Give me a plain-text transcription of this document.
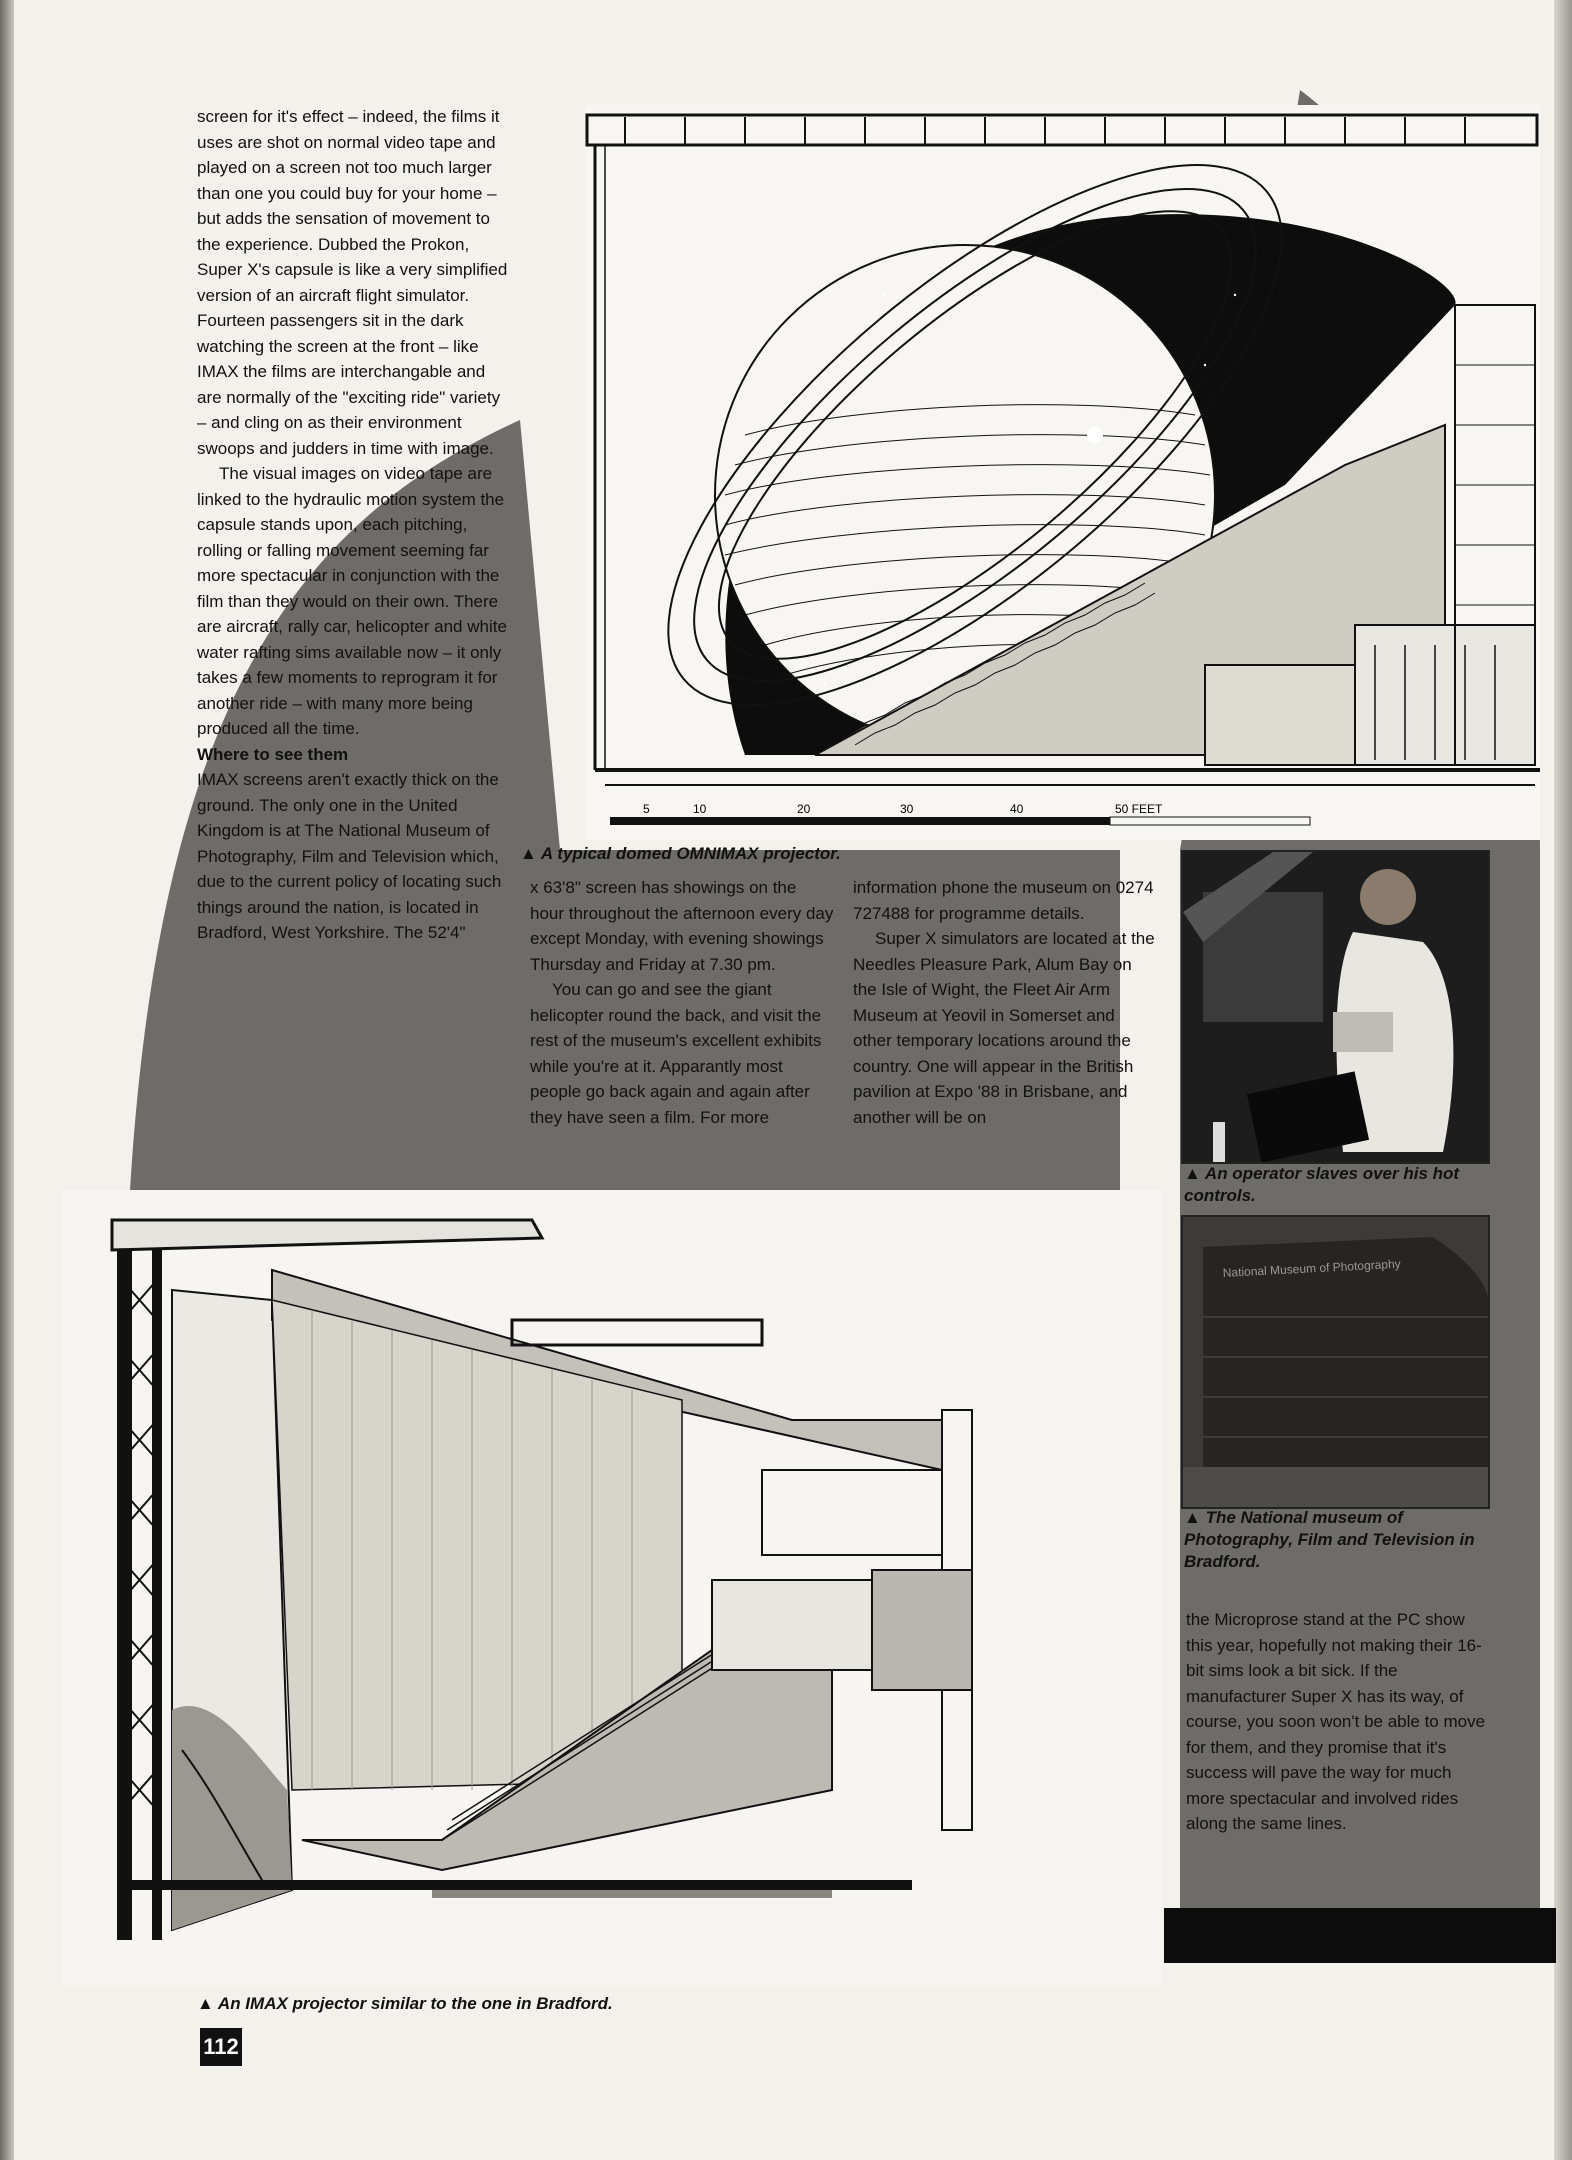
5	10	20	30	40	50 FEET

screen for it's effect – indeed, the films it uses are shot on normal video tape and played on a screen not too much larger than one you could buy for your home – but adds the sensation of movement to the experience. Dubbed the Prokon, Super X's capsule is like a very simplified version of an aircraft flight simulator. Fourteen passengers sit in the dark watching the screen at the front – like IMAX the films are interchangable and are normally of the "exciting ride" variety – and cling on as their environment swoops and judders in time with image.

The visual images on video tape are linked to the hydraulic motion system the capsule stands upon, each pitching, rolling or falling movement seeming far more spectacular in conjunction with the film than they would on their own. There are aircraft, rally car, helicopter and white water rafting sims available now – it only takes a few moments to reprogram it for another ride – with many more being produced all the time.

Where to see them

IMAX screens aren't exactly thick on the ground. The only one in the United Kingdom is at The National Museum of Photography, Film and Television which, due to the current policy of locating such things around the nation, is located in Bradford, West Yorkshire. The 52'4"

▲ A typical domed OMNIMAX projector.

x 63'8" screen has showings on the hour throughout the afternoon every day except Monday, with evening showings Thursday and Friday at 7.30 pm.

You can go and see the giant helicopter round the back, and visit the rest of the museum's excellent exhibits while you're at it. Apparantly most people go back again and again after they have seen a film. For more

information phone the museum on 0274 727488 for programme details.

Super X simulators are located at the Needles Pleasure Park, Alum Bay on the Isle of Wight, the Fleet Air Arm Museum at Yeovil in Somerset and other temporary locations around the country. One will appear in the British pavilion at Expo '88 in Brisbane, and another will be on

▲ An operator slaves over his hot controls.
National Museum of Photography
▲ The National museum of Photography, Film and Television in Bradford.

the Microprose stand at the PC show this year, hopefully not making their 16-bit sims look a bit sick. If the manufacturer Super X has its way, of course, you soon won't be able to move for them, and they promise that it's success will pave the way for much more spectacular and involved rides along the same lines.

▲ An IMAX projector similar to the one in Bradford.
112
